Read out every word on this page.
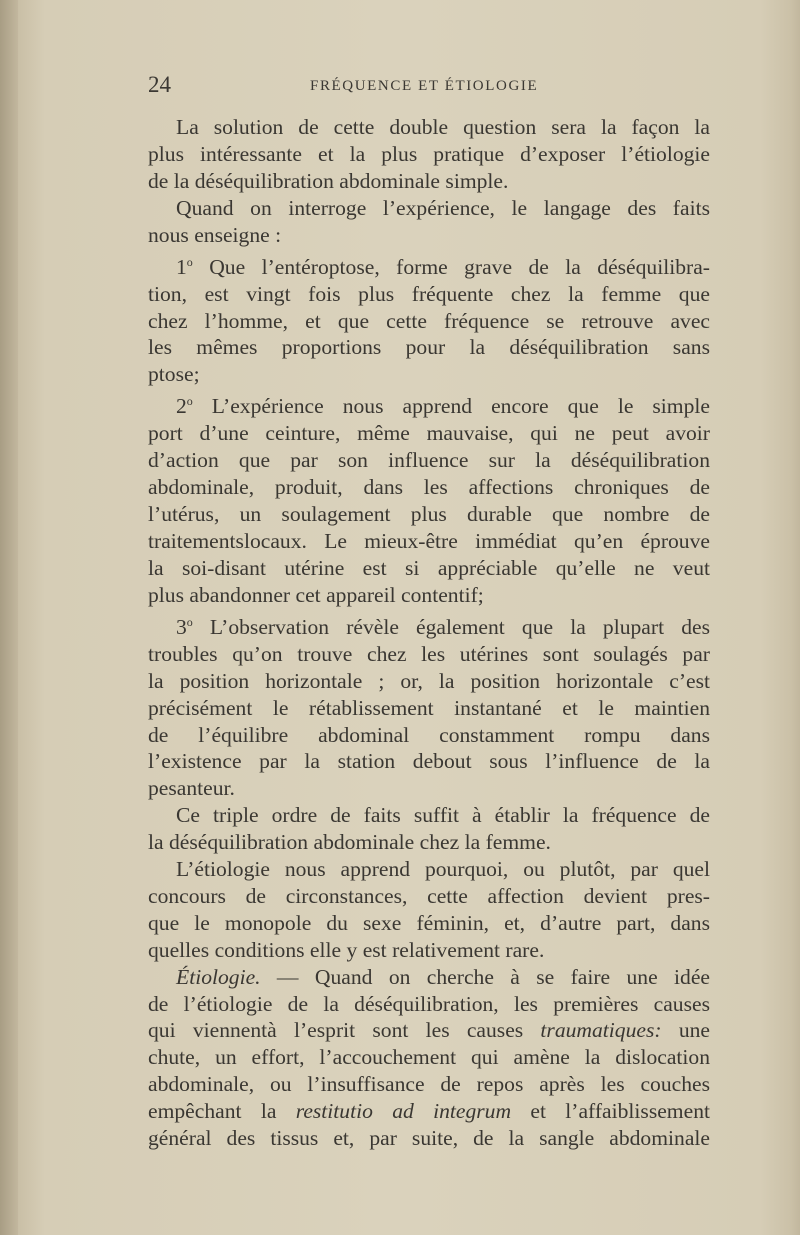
24	FRÉQUENCE ET ÉTIOLOGIE
La solution de cette double question sera la façon la
plus intéressante et la plus pratique d’exposer l’étiologie
de la déséquilibration abdominale simple.
Quand on interroge l’expérience, le langage des faits
nous enseigne :
1$^o$ Que l’entéroptose, forme grave de la déséquilibra-
tion, est vingt fois plus fréquente chez la femme que
chez l’homme, et que cette fréquence se retrouve avec
les mêmes proportions pour la déséquilibration sans
ptose;
2$^o$ L’expérience nous apprend encore que le simple
port d’une ceinture, même mauvaise, qui ne peut avoir
d’action que par son influence sur la déséquilibration
abdominale, produit, dans les affections chroniques de
l’utérus, un soulagement plus durable que nombre de
traitementslocaux. Le mieux-être immédiat qu’en éprouve
la soi-disant utérine est si appréciable qu’elle ne veut
plus abandonner cet appareil contentif;
3$^o$ L’observation révèle également que la plupart des
troubles qu’on trouve chez les utérines sont soulagés par
la position horizontale ; or, la position horizontale c’est
précisément le rétablissement instantané et le maintien
de l’équilibre abdominal constamment rompu dans
l’existence par la station debout sous l’influence de la
pesanteur.
Ce triple ordre de faits suffit à établir la fréquence de
la déséquilibration abdominale chez la femme.
L’étiologie nous apprend pourquoi, ou plutôt, par quel
concours de circonstances, cette affection devient pres-
que le monopole du sexe féminin, et, d’autre part, dans
quelles conditions elle y est relativement rare.
Étiologie. — Quand on cherche à se faire une idée
de l’étiologie de la déséquilibration, les premières causes
qui viennentà l’esprit sont les causes traumatiques: une
chute, un effort, l’accouchement qui amène la dislocation
abdominale, ou l’insuffisance de repos après les couches
empêchant la restitutio ad integrum et l’affaiblissement
général des tissus et, par suite, de la sangle abdominale
